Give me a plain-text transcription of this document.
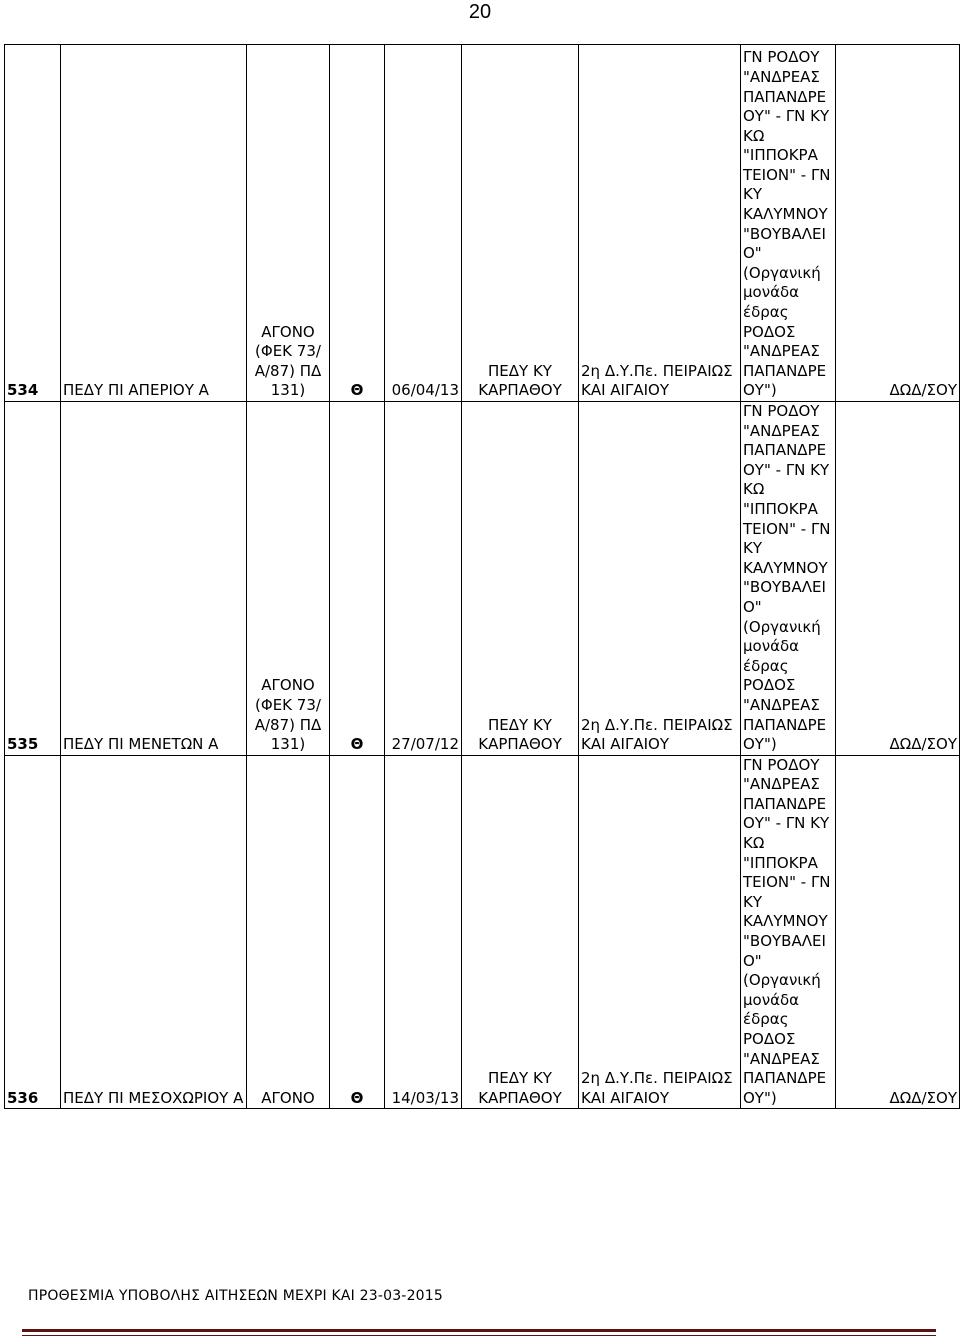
20
534	ΠΕΔΥ ΠΙ ΑΠΕΡΙΟΥ Α	ΑΓΟΝΟ (ΦΕΚ 73/Α/87) ΠΔ 131)	Θ	06/04/13	ΠΕΔΥ ΚΥ ΚΑΡΠΑΘΟΥ	2η Δ.Υ.Πε. ΠΕΙΡΑΙΩΣ ΚΑΙ ΑΙΓΑΙΟΥ	ΓΝ ΡΟΔΟΥ "ΑΝΔΡΕΑΣ ΠΑΠΑΝΔΡΕ ΟΥ" - ΓΝ ΚΥ ΚΩ "ΙΠΠΟΚΡΑ ΤΕΙΟΝ" - ΓΝ ΚΥ ΚΑΛΥΜΝΟΥ "ΒΟΥΒΑΛΕΙ Ο" (Οργανική μονάδα έδρας ΡΟΔΟΣ "ΑΝΔΡΕΑΣ ΠΑΠΑΝΔΡΕ ΟΥ")	ΔΩΔ/ΣΟΥ
535	ΠΕΔΥ ΠΙ ΜΕΝΕΤΩΝ Α	ΑΓΟΝΟ (ΦΕΚ 73/Α/87) ΠΔ 131)	Θ	27/07/12	ΠΕΔΥ ΚΥ ΚΑΡΠΑΘΟΥ	2η Δ.Υ.Πε. ΠΕΙΡΑΙΩΣ ΚΑΙ ΑΙΓΑΙΟΥ	ΓΝ ΡΟΔΟΥ "ΑΝΔΡΕΑΣ ΠΑΠΑΝΔΡΕ ΟΥ" - ΓΝ ΚΥ ΚΩ "ΙΠΠΟΚΡΑ ΤΕΙΟΝ" - ΓΝ ΚΥ ΚΑΛΥΜΝΟΥ "ΒΟΥΒΑΛΕΙ Ο" (Οργανική μονάδα έδρας ΡΟΔΟΣ "ΑΝΔΡΕΑΣ ΠΑΠΑΝΔΡΕ ΟΥ")	ΔΩΔ/ΣΟΥ
536	ΠΕΔΥ ΠΙ ΜΕΣΟΧΩΡΙΟΥ Α	ΑΓΟΝΟ	Θ	14/03/13	ΠΕΔΥ ΚΥ ΚΑΡΠΑΘΟΥ	2η Δ.Υ.Πε. ΠΕΙΡΑΙΩΣ ΚΑΙ ΑΙΓΑΙΟΥ	ΓΝ ΡΟΔΟΥ "ΑΝΔΡΕΑΣ ΠΑΠΑΝΔΡΕ ΟΥ" - ΓΝ ΚΥ ΚΩ "ΙΠΠΟΚΡΑ ΤΕΙΟΝ" - ΓΝ ΚΥ ΚΑΛΥΜΝΟΥ "ΒΟΥΒΑΛΕΙ Ο" (Οργανική μονάδα έδρας ΡΟΔΟΣ "ΑΝΔΡΕΑΣ ΠΑΠΑΝΔΡΕ ΟΥ")	ΔΩΔ/ΣΟΥ
ΠΡΟΘΕΣΜΙΑ ΥΠΟΒΟΛΗΣ ΑΙΤΗΣΕΩΝ ΜΕΧΡΙ ΚΑΙ 23-03-2015
